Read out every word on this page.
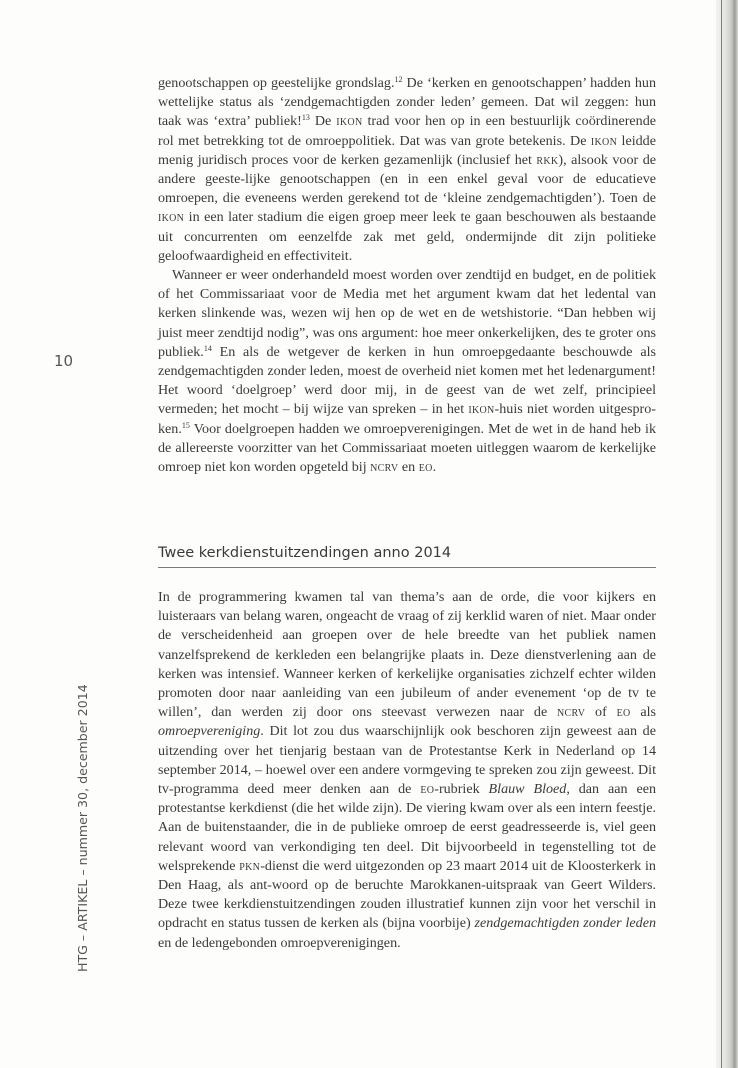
10
HTG – ARTIKEL – nummer 30, december 2014

genootschappen op geestelijke grondslag.$^{12}$ De ‘kerken en genootschappen’ hadden hun wettelijke status als ‘zendgemachtigden zonder leden’ gemeen. Dat wil zeggen: hun taak was ‘extra’ publiek!$^{13}$ De ikon trad voor hen op in een bestuurlijk coördinerende rol met betrekking tot de omroeppolitiek. Dat was van grote betekenis. De ikon leidde menig juridisch proces voor de kerken gezamenlijk (inclusief het rkk), alsook voor de andere geeste-lijke genootschappen (en in een enkel geval voor de educatieve omroepen, die eveneens werden gerekend tot de ‘kleine zendgemachtigden’). Toen de ikon in een later stadium die eigen groep meer leek te gaan beschouwen als bestaande uit concurrenten om eenzelfde zak met geld, ondermijnde dit zijn politieke geloofwaardigheid en effectiviteit.

Wanneer er weer onderhandeld moest worden over zendtijd en budget, en de politiek of het Commissariaat voor de Media met het argument kwam dat het ledental van kerken slinkende was, wezen wij hen op de wet en de wetshistorie. “Dan hebben wij juist meer zendtijd nodig”, was ons argument: hoe meer onkerkelijken, des te groter ons publiek.$^{14}$ En als de wetgever de kerken in hun omroepgedaante beschouwde als zendgemachtigden zonder leden, moest de overheid niet komen met het ledenargument! Het woord ‘doelgroep’ werd door mij, in de geest van de wet zelf, principieel vermeden; het mocht – bij wijze van spreken – in het ikon-huis niet worden uitgespro-ken.$^{15}$ Voor doelgroepen hadden we omroepverenigingen. Met de wet in de hand heb ik de allereerste voorzitter van het Commissariaat moeten uitleggen waarom de kerkelijke omroep niet kon worden opgeteld bij ncrv en eo.

Twee kerkdienstuitzendingen anno 2014

In de programmering kwamen tal van thema’s aan de orde, die voor kijkers en luisteraars van belang waren, ongeacht de vraag of zij kerklid waren of niet. Maar onder de verscheidenheid aan groepen over de hele breedte van het publiek namen vanzelfsprekend de kerkleden een belangrijke plaats in. Deze dienstverlening aan de kerken was intensief. Wanneer kerken of kerkelijke organisaties zichzelf echter wilden promoten door naar aanleiding van een jubileum of ander evenement ‘op de tv te willen’, dan werden zij door ons steevast verwezen naar de ncrv of eo als omroepvereniging. Dit lot zou dus waarschijnlijk ook beschoren zijn geweest aan de uitzending over het tienjarig bestaan van de Protestantse Kerk in Nederland op 14 september 2014, – hoewel over een andere vormgeving te spreken zou zijn geweest. Dit tv-programma deed meer denken aan de eo-rubriek Blauw Bloed, dan aan een protestantse kerkdienst (die het wilde zijn). De viering kwam over als een intern feestje. Aan de buitenstaander, die in de publieke omroep de eerst geadresseerde is, viel geen relevant woord van verkondiging ten deel. Dit bijvoorbeeld in tegenstelling tot de welsprekende pkn-dienst die werd uitgezonden op 23 maart 2014 uit de Kloosterkerk in Den Haag, als ant-woord op de beruchte Marokkanen-uitspraak van Geert Wilders. Deze twee kerkdienstuitzendingen zouden illustratief kunnen zijn voor het verschil in opdracht en status tussen de kerken als (bijna voorbije) zendgemachtigden zonder leden en de ledengebonden omroepverenigingen.
